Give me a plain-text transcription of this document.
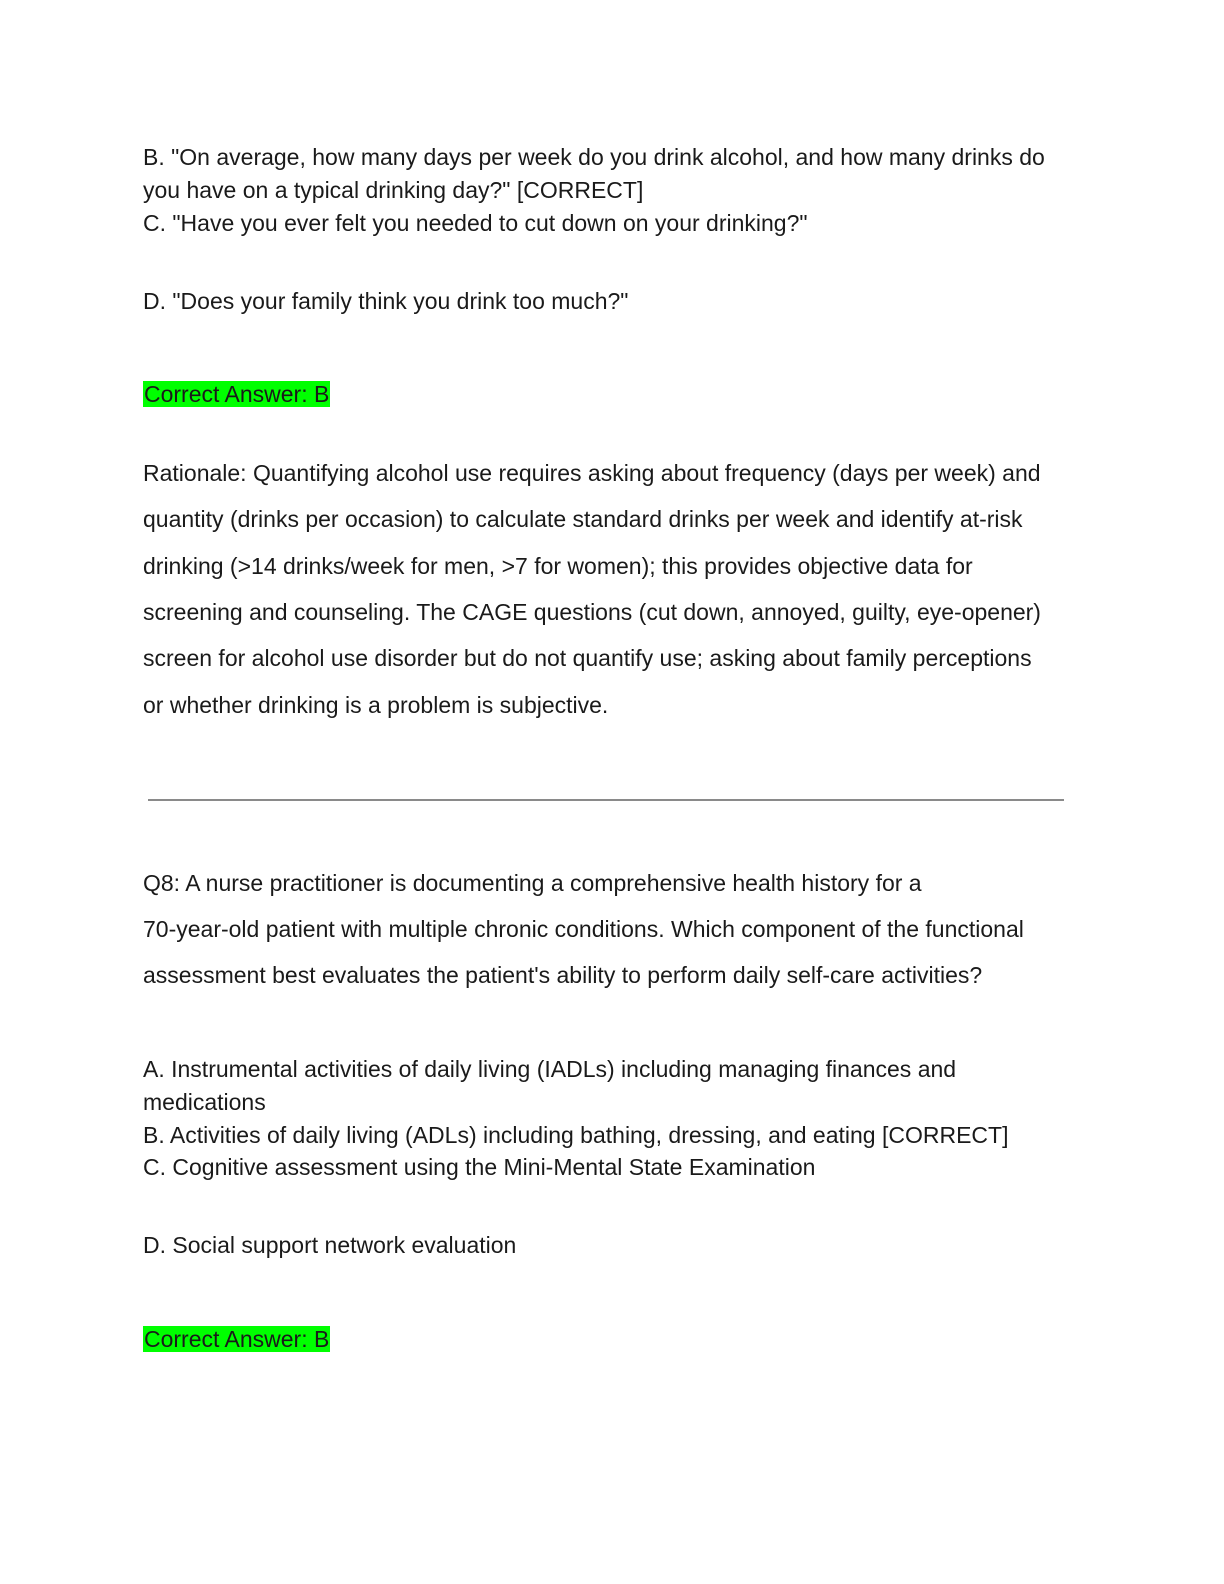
B. "On average, how many days per week do you drink alcohol, and how many drinks do
you have on a typical drinking day?" [CORRECT]
C. "Have you ever felt you needed to cut down on your drinking?"
D. "Does your family think you drink too much?"
Correct Answer: B
Rationale: Quantifying alcohol use requires asking about frequency (days per week) and
quantity (drinks per occasion) to calculate standard drinks per week and identify at-risk
drinking (>14 drinks/week for men, >7 for women); this provides objective data for
screening and counseling. The CAGE questions (cut down, annoyed, guilty, eye-opener)
screen for alcohol use disorder but do not quantify use; asking about family perceptions
or whether drinking is a problem is subjective.
Q8: A nurse practitioner is documenting a comprehensive health history for a
70-year-old patient with multiple chronic conditions. Which component of the functional
assessment best evaluates the patient's ability to perform daily self-care activities?
A. Instrumental activities of daily living (IADLs) including managing finances and
medications
B. Activities of daily living (ADLs) including bathing, dressing, and eating [CORRECT]
C. Cognitive assessment using the Mini-Mental State Examination
D. Social support network evaluation
Correct Answer: B
